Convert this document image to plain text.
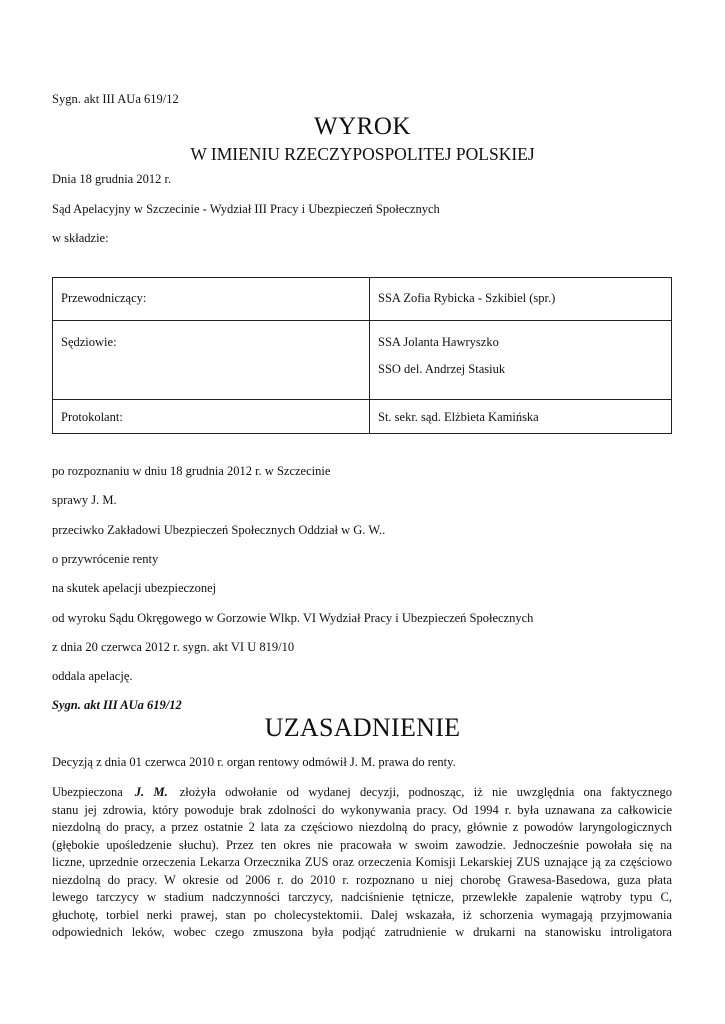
Sygn. akt III AUa 619/12
WYROK
W IMIENIU RZECZYPOSPOLITEJ POLSKIEJ
Dnia 18 grudnia 2012 r.
Sąd Apelacyjny w Szczecinie - Wydział III Pracy i Ubezpieczeń Społecznych
w składzie:
Przewodniczący:	SSA Zofia Rybicka - Szkibiel (spr.)

Sędziowie:	SSA Jolanta Hawryszko
SSO del. Andrzej Stasiuk

Protokolant:	St. sekr. sąd. Elżbieta Kamińska
po rozpoznaniu w dniu 18 grudnia 2012 r. w Szczecinie
sprawy J. M.
przeciwko Zakładowi Ubezpieczeń Społecznych Oddział w G. W..
o przywrócenie renty
na skutek apelacji ubezpieczonej
od wyroku Sądu Okręgowego w Gorzowie Wlkp. VI Wydział Pracy i Ubezpieczeń Społecznych
z dnia 20 czerwca 2012 r. sygn. akt VI U 819/10
oddala apelację.
Sygn. akt III AUa 619/12
UZASADNIENIE
Decyzją z dnia 01 czerwca 2010 r. organ rentowy odmówił J. M. prawa do renty.
Ubezpieczona J. M. złożyła odwołanie od wydanej decyzji, podnosząc, iż nie uwzględnia ona faktycznego
stanu jej zdrowia, który powoduje brak zdolności do wykonywania pracy. Od 1994 r. była uznawana za całkowicie
niezdolną do pracy, a przez ostatnie 2 lata za częściowo niezdolną do pracy, głównie z powodów laryngologicznych
(głębokie upośledzenie słuchu). Przez ten okres nie pracowała w swoim zawodzie. Jednocześnie powołała się na
liczne, uprzednie orzeczenia Lekarza Orzecznika ZUS oraz orzeczenia Komisji Lekarskiej ZUS uznające ją za częściowo
niezdolną do pracy. W okresie od 2006 r. do 2010 r. rozpoznano u niej chorobę Grawesa-Basedowa, guza płata
lewego tarczycy w stadium nadczynności tarczycy, nadciśnienie tętnicze, przewlekłe zapalenie wątroby typu C,
głuchotę, torbiel nerki prawej, stan po cholecystektomii. Dalej wskazała, iż schorzenia wymagają przyjmowania
odpowiednich leków, wobec czego zmuszona była podjąć zatrudnienie w drukarni na stanowisku introligatora
